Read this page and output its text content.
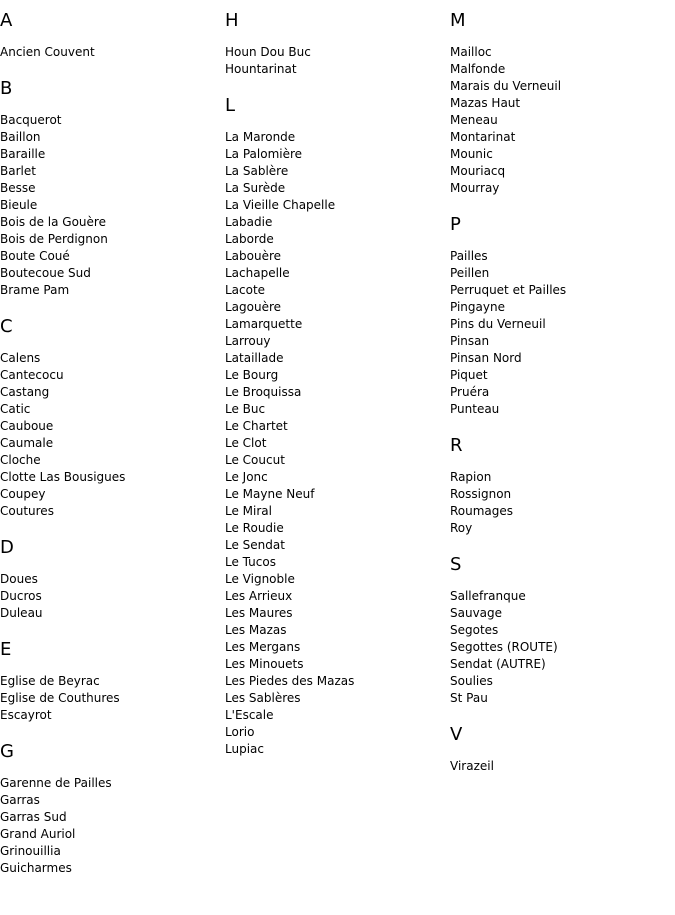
A
Ancien Couvent
B
Bacquerot
Baillon
Baraille
Barlet
Besse
Bieule
Bois de la Gouère
Bois de Perdignon
Boute Coué
Boutecoue Sud
Brame Pam
C
Calens
Cantecocu
Castang
Catic
Cauboue
Caumale
Cloche
Clotte Las Bousigues
Coupey
Coutures
D
Doues
Ducros
Duleau
E
Eglise de Beyrac
Eglise de Couthures
Escayrot
G
Garenne de Pailles
Garras
Garras Sud
Grand Auriol
Grinouillia
Guicharmes
H
Houn Dou Buc
Hountarinat
L
La Maronde
La Palomière
La Sablère
La Surède
La Vieille Chapelle
Labadie
Laborde
Labouère
Lachapelle
Lacote
Lagouère
Lamarquette
Larrouy
Lataillade
Le Bourg
Le Broquissa
Le Buc
Le Chartet
Le Clot
Le Coucut
Le Jonc
Le Mayne Neuf
Le Miral
Le Roudie
Le Sendat
Le Tucos
Le Vignoble
Les Arrieux
Les Maures
Les Mazas
Les Mergans
Les Minouets
Les Piedes des Mazas
Les Sablères
L'Escale
Lorio
Lupiac
M
Mailloc
Malfonde
Marais du Verneuil
Mazas Haut
Meneau
Montarinat
Mounic
Mouriacq
Mourray
P
Pailles
Peillen
Perruquet et Pailles
Pingayne
Pins du Verneuil
Pinsan
Pinsan Nord
Piquet
Pruéra
Punteau
R
Rapion
Rossignon
Roumages
Roy
S
Sallefranque
Sauvage
Segotes
Segottes (ROUTE)
Sendat (AUTRE)
Soulies
St Pau
V
Virazeil
